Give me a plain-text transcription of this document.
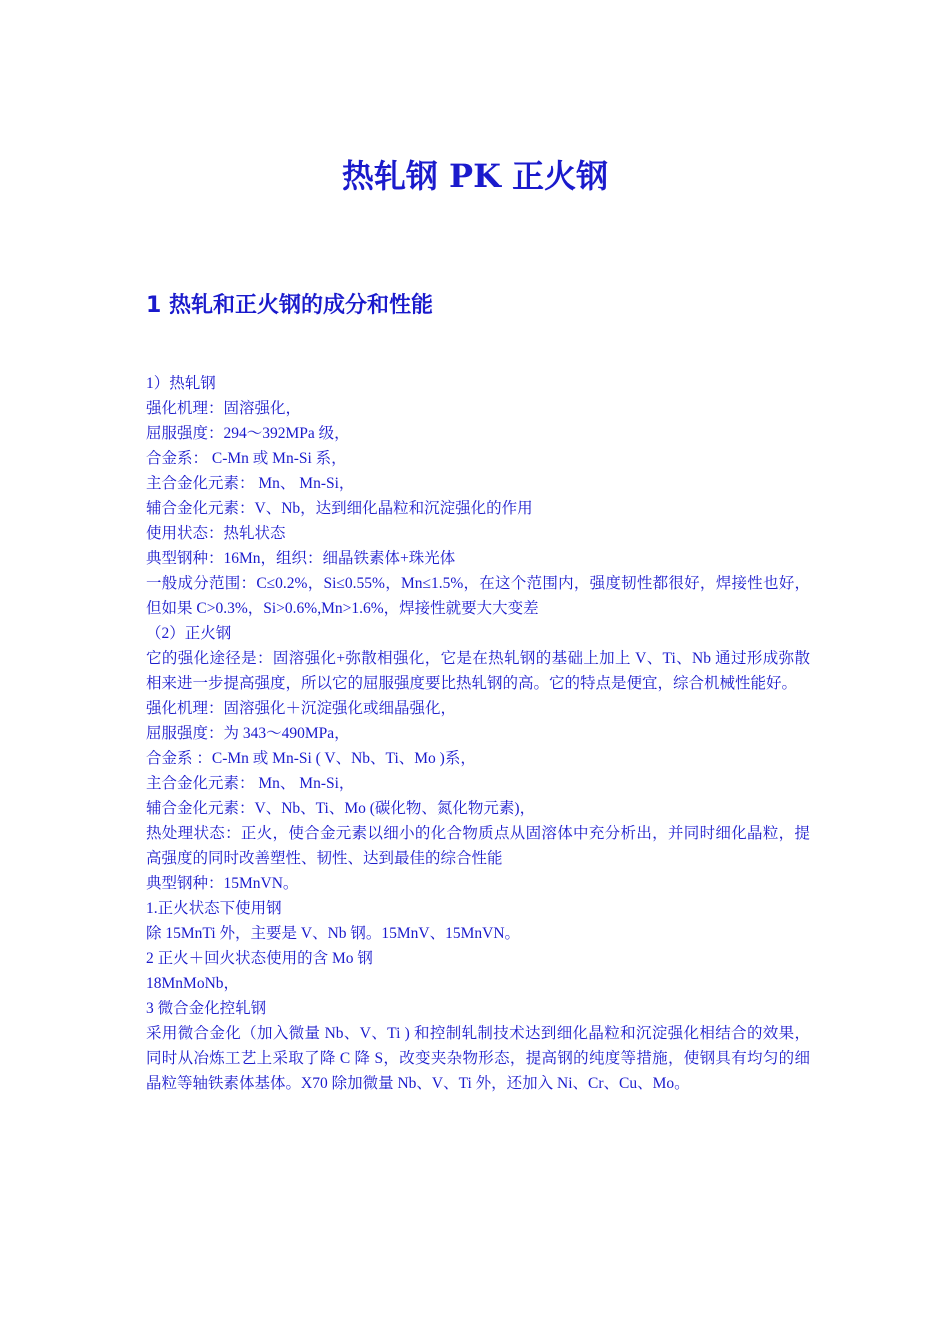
热轧钢 PK 正火钢
1 热轧和正火钢的成分和性能

1）热轧钢

强化机理：固溶强化，

屈服强度：294～392MPa 级，

合金系： C-Mn 或 Mn-Si 系，

主合金化元素： Mn、 Mn-Si，

辅合金化元素：V、Nb，达到细化晶粒和沉淀强化的作用

使用状态：热轧状态

典型钢种：16Mn，组织：细晶铁素体+珠光体

一般成分范围：C≤0.2%，Si≤0.55%，Mn≤1.5%，在这个范围内，强度韧性都很好，焊接性也好，但如果 C>0.3%，Si>0.6%,Mn>1.6%，焊接性就要大大变差

（2）正火钢

它的强化途径是：固溶强化+弥散相强化，它是在热轧钢的基础上加上 V、Ti、Nb 通过形成弥散相来进一步提高强度，所以它的屈服强度要比热轧钢的高。它的特点是便宜，综合机械性能好。

强化机理：固溶强化＋沉淀强化或细晶强化，

屈服强度：为 343～490MPa，

合金系 ：C-Mn 或 Mn-Si ( V、Nb、Ti、Mo )系，

主合金化元素： Mn、 Mn-Si，

辅合金化元素：V、Nb、Ti、Mo (碳化物、氮化物元素)，

热处理状态：正火，使合金元素以细小的化合物质点从固溶体中充分析出，并同时细化晶粒，提高强度的同时改善塑性、韧性、达到最佳的综合性能

典型钢种：15MnVN。

1.正火状态下使用钢

除 15MnTi 外，主要是 V、Nb 钢。15MnV、15MnVN。

2 正火＋回火状态使用的含 Mo 钢

18MnMoNb，

3 微合金化控轧钢

采用微合金化（加入微量 Nb、V、Ti ) 和控制轧制技术达到细化晶粒和沉淀强化相结合的效果，同时从冶炼工艺上采取了降 C 降 S，改变夹杂物形态，提高钢的纯度等措施，使钢具有均匀的细晶粒等轴铁素体基体。X70 除加微量 Nb、V、Ti 外，还加入 Ni、Cr、Cu、Mo。
